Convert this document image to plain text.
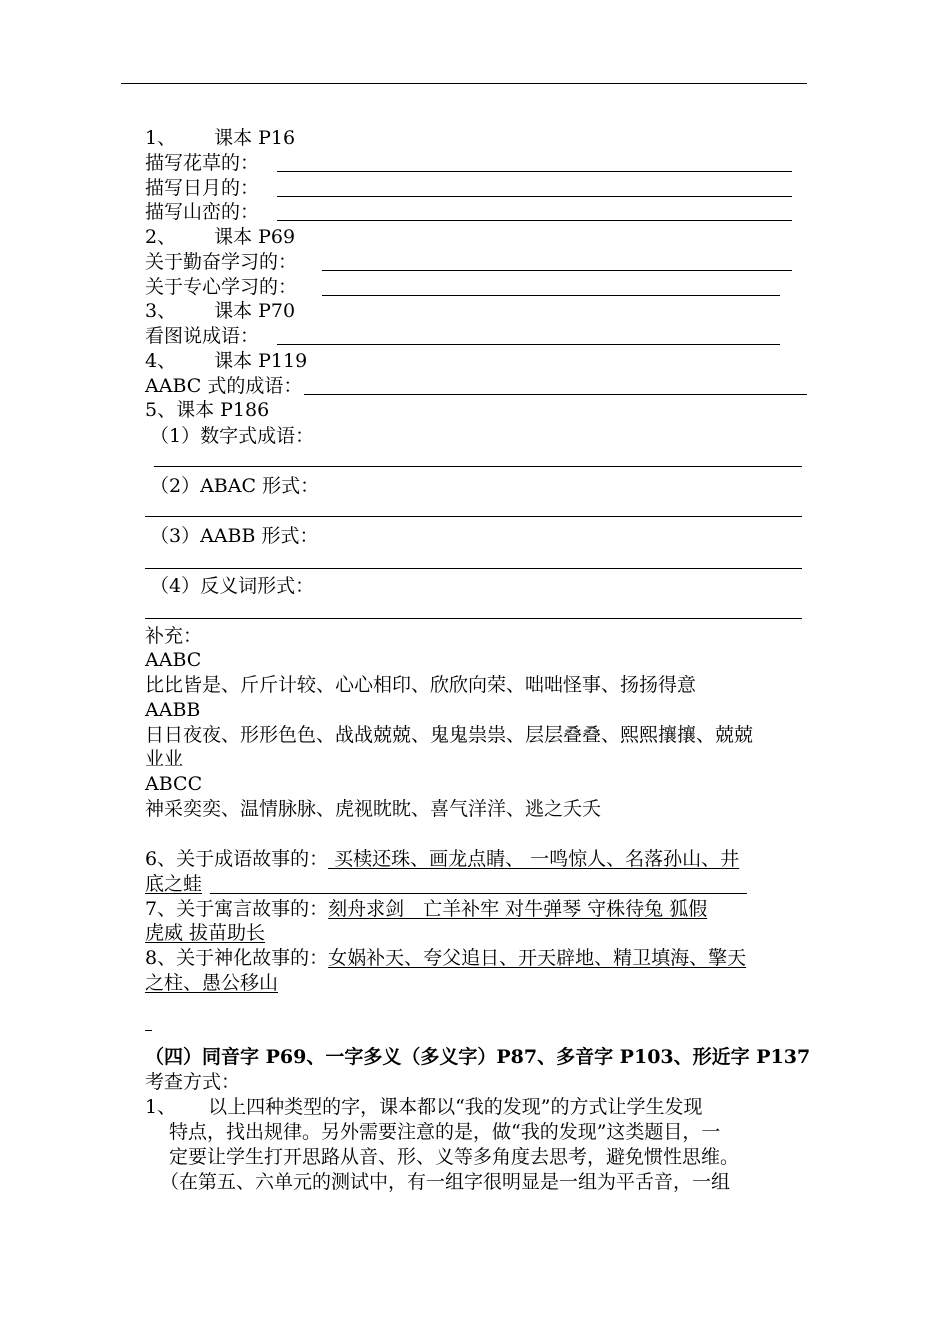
1、 课本 P16
描写花草的：
描写日月的：
描写山峦的：
2、 课本 P69
关于勤奋学习的：
关于专心学习的：
3、 课本 P70
看图说成语：
4、 课本 P119
AABC 式的成语：
5、课本 P186
（1）数字式成语：
（2）ABAC 形式：
（3）AABB 形式：
（4）反义词形式：
补充：
AABC
比比皆是、斤斤计较、心心相印、欣欣向荣、咄咄怪事、扬扬得意
AABB
日日夜夜、形形色色、战战兢兢、鬼鬼祟祟、层层叠叠、熙熙攘攘、兢兢
业业
ABCC
神采奕奕、温情脉脉、虎视眈眈、喜气洋洋、逃之夭夭
6、关于成语故事的： 买椟还珠、画龙点睛、 一鸣惊人、名落孙山、井
底之蛙
7、关于寓言故事的：刻舟求剑　亡羊补牢 对牛弹琴 守株待兔 狐假
虎威 拔苗助长
8、关于神化故事的：女娲补天、夸父追日、开天辟地、精卫填海、擎天
之柱、愚公移山
（四）同音字 P69、一字多义（多义字）P87、多音字 P103、形近字 P137
考查方式：
1、 以上四种类型的字，课本都以“我的发现”的方式让学生发现
特点，找出规律。另外需要注意的是，做“我的发现”这类题目，一
定要让学生打开思路从音、形、义等多角度去思考，避免惯性思维。
（在第五、六单元的测试中，有一组字很明显是一组为平舌音，一组
